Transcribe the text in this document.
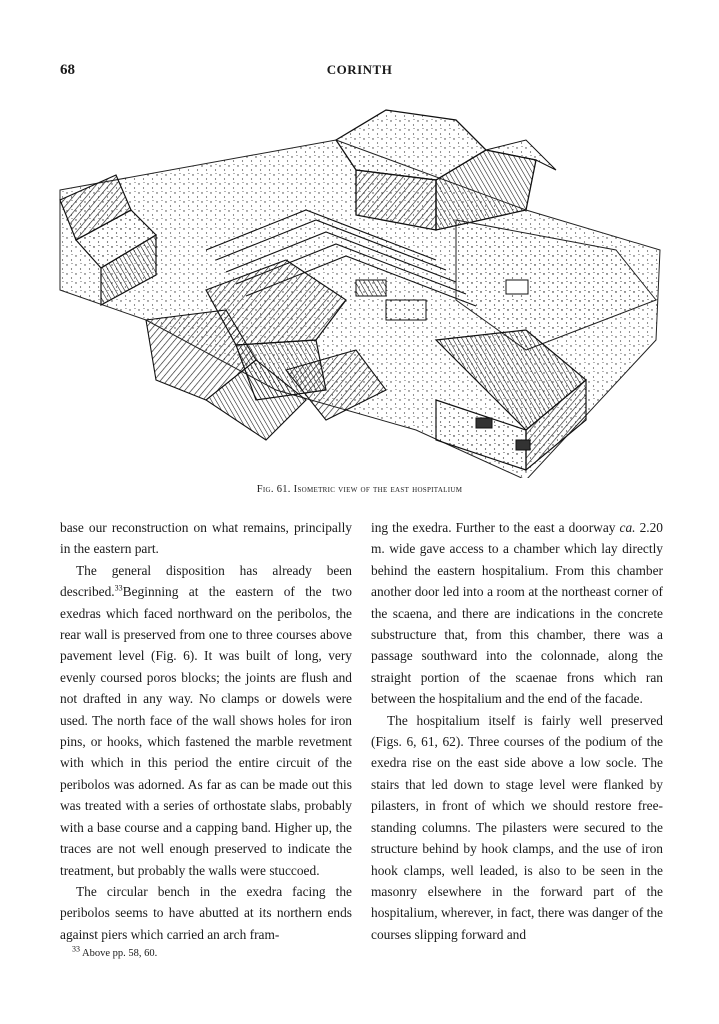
68	CORINTH
Fig. 61. Isometric view of the east hospitalium

base our reconstruction on what remains, principally in the eastern part.

The general disposition has already been described.$^{33}$Beginning at the eastern of the two exedras which faced northward on the peribolos, the rear wall is preserved from one to three courses above pavement level (Fig. 6). It was built of long, very evenly coursed poros blocks; the joints are flush and not drafted in any way. No clamps or dowels were used. The north face of the wall shows holes for iron pins, or hooks, which fastened the marble revetment with which in this period the entire circuit of the peribolos was adorned. As far as can be made out this was treated with a series of orthostate slabs, probably with a base course and a capping band. Higher up, the traces are not well enough preserved to indicate the treatment, but probably the walls were stuccoed.

The circular bench in the exedra facing the peribolos seems to have abutted at its northern ends against piers which carried an arch fram-

ing the exedra. Further to the east a doorway ca. 2.20 m. wide gave access to a chamber which lay directly behind the eastern hospitalium. From this chamber another door led into a room at the northeast corner of the scaena, and there are indications in the concrete substructure that, from this chamber, there was a passage southward into the colonnade, along the straight portion of the scaenae frons which ran between the hospitalium and the end of the facade.

The hospitalium itself is fairly well preserved (Figs. 6, 61, 62). Three courses of the podium of the exedra rise on the east side above a low socle. The stairs that led down to stage level were flanked by pilasters, in front of which we should restore free-standing columns. The pilasters were secured to the structure behind by hook clamps, and the use of iron hook clamps, well leaded, is also to be seen in the masonry elsewhere in the forward part of the hospitalium, wherever, in fact, there was danger of the courses slipping forward and

$^{33}$ Above pp. 58, 60.
